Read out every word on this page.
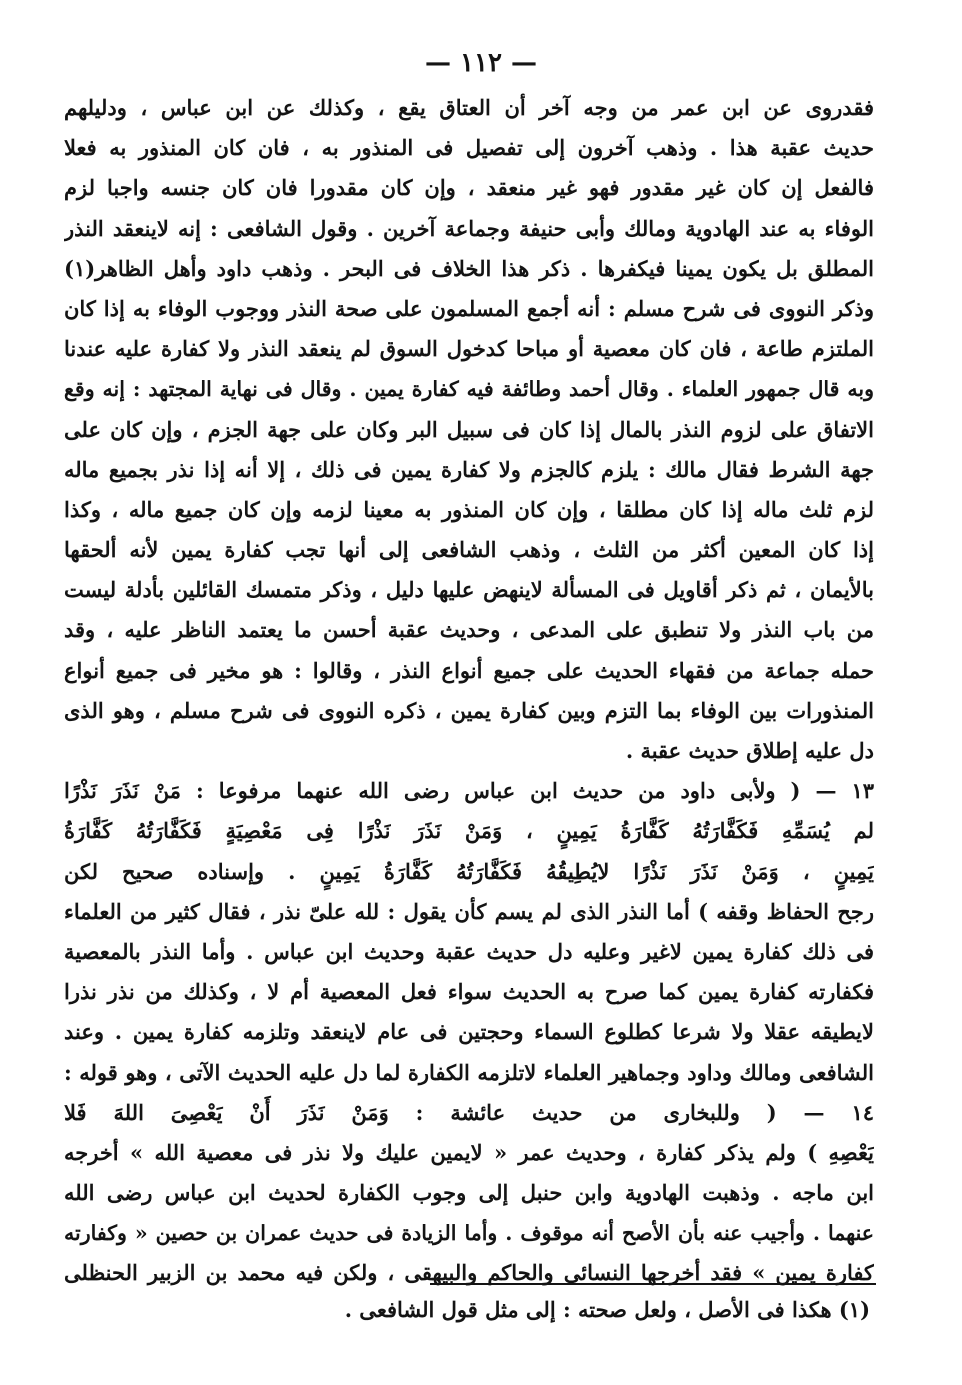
— ١١٢ —
فقدروى عن ابن عمر من وجه آخر أن العتاق يقع ، وكذلك عن ابن عباس ، ودليلهم
حديث عقبة هذا . وذهب آخرون إلى تفصيل فى المنذور به ، فان كان المنذور به فعلا
فالفعل إن كان غير مقدور فهو غير منعقد ، وإن كان مقدورا فان كان جنسه واجبا لزم
الوفاء به عند الهادوية ومالك وأبى حنيفة وجماعة آخرين . وقول الشافعى : إنه لاينعقد النذر
المطلق بل يكون يمينا فيكفرها . ذكر هذا الخلاف فى البحر . وذهب داود وأهل الظاهر(١)
وذكر النووى فى شرح مسلم : أنه أجمع المسلمون على صحة النذر ووجوب الوفاء به إذا كان
الملتزم طاعة ، فان كان معصية أو مباحا كدخول السوق لم ينعقد النذر ولا كفارة عليه عندنا
وبه قال جمهور العلماء . وقال أحمد وطائفة فيه كفارة يمين . وقال فى نهاية المجتهد : إنه وقع
الاتفاق على لزوم النذر بالمال إذا كان فى سبيل البر وكان على جهة الجزم ، وإن كان على
جهة الشرط فقال مالك : يلزم كالجزم ولا كفارة يمين فى ذلك ، إلا أنه إذا نذر بجميع ماله
لزم ثلث ماله إذا كان مطلقا ، وإن كان المنذور به معينا لزمه وإن كان جميع ماله ، وكذا
إذا كان المعين أكثر من الثلث ، وذهب الشافعى إلى أنها تجب كفارة يمين لأنه ألحقها
بالأيمان ، ثم ذكر أقاويل فى المسألة لاينهض عليها دليل ، وذكر متمسك القائلين بأدلة ليست
من باب النذر ولا تنطبق على المدعى ، وحديث عقبة أحسن ما يعتمد الناظر عليه ، وقد
حمله جماعة من فقهاء الحديث على جميع أنواع النذر ، وقالوا : هو مخير فى جميع أنواع
المنذورات بين الوفاء بما التزم وبين كفارة يمين ، ذكره النووى فى شرح مسلم ، وهو الذى
دل عليه إطلاق حديث عقبة .
١٣ — ( ولأبى داود من حديث ابن عباس رضى الله عنهما مرفوعا : مَنْ نَذَرَ نَذْرًا
لم يُسَمِّهِ فَكَفَّارَتُهُ كَفَّارَةُ يَمِينٍ ، وَمَنْ نَذَرَ نَذْرًا فِى مَعْصِيَةٍ فَكَفَّارَتُهُ كَفَّارَةُ
يَمِينٍ ، وَمَنْ نَذَرَ نَذْرًا لايُطِيقُهُ فَكَفَّارَتُهُ كَفَّارَةُ يَمِينٍ . وإسناده صحيح لكن
رجح الحفاظ وقفه ) أما النذر الذى لم يسم كأن يقول : لله علىّ نذر ، فقال كثير من العلماء
فى ذلك كفارة يمين لاغير وعليه دل حديث عقبة وحديث ابن عباس . وأما النذر بالمعصية
فكفارته كفارة يمين كما صرح به الحديث سواء فعل المعصية أم لا ، وكذلك من نذر نذرا
لايطيقه عقلا ولا شرعا كطلوع السماء وحجتين فى عام لاينعقد وتلزمه كفارة يمين . وعند
الشافعى ومالك وداود وجماهير العلماء لاتلزمه الكفارة لما دل عليه الحديث الآتى ، وهو قوله :
١٤ — ( وللبخارى من حديث عائشة : وَمَنْ نَذَرَ أَنْ يَعْصِىَ اللهَ فَلا
يَعْصِهِ ) ولم يذكر كفارة ، وحديث عمر « لايمين عليك ولا نذر فى معصية الله » أخرجه
ابن ماجه . وذهبت الهادوية وابن حنبل إلى وجوب الكفارة لحديث ابن عباس رضى الله
عنهما . وأجيب عنه بأن الأصح أنه موقوف . وأما الزيادة فى حديث عمران بن حصين « وكفارته
كفارة يمين » فقد أخرجها النسائى والحاكم والبيهقى ، ولكن فيه محمد بن الزبير الحنظلى
(١) هكذا فى الأصل ، ولعل صحته : إلى مثل قول الشافعى .
